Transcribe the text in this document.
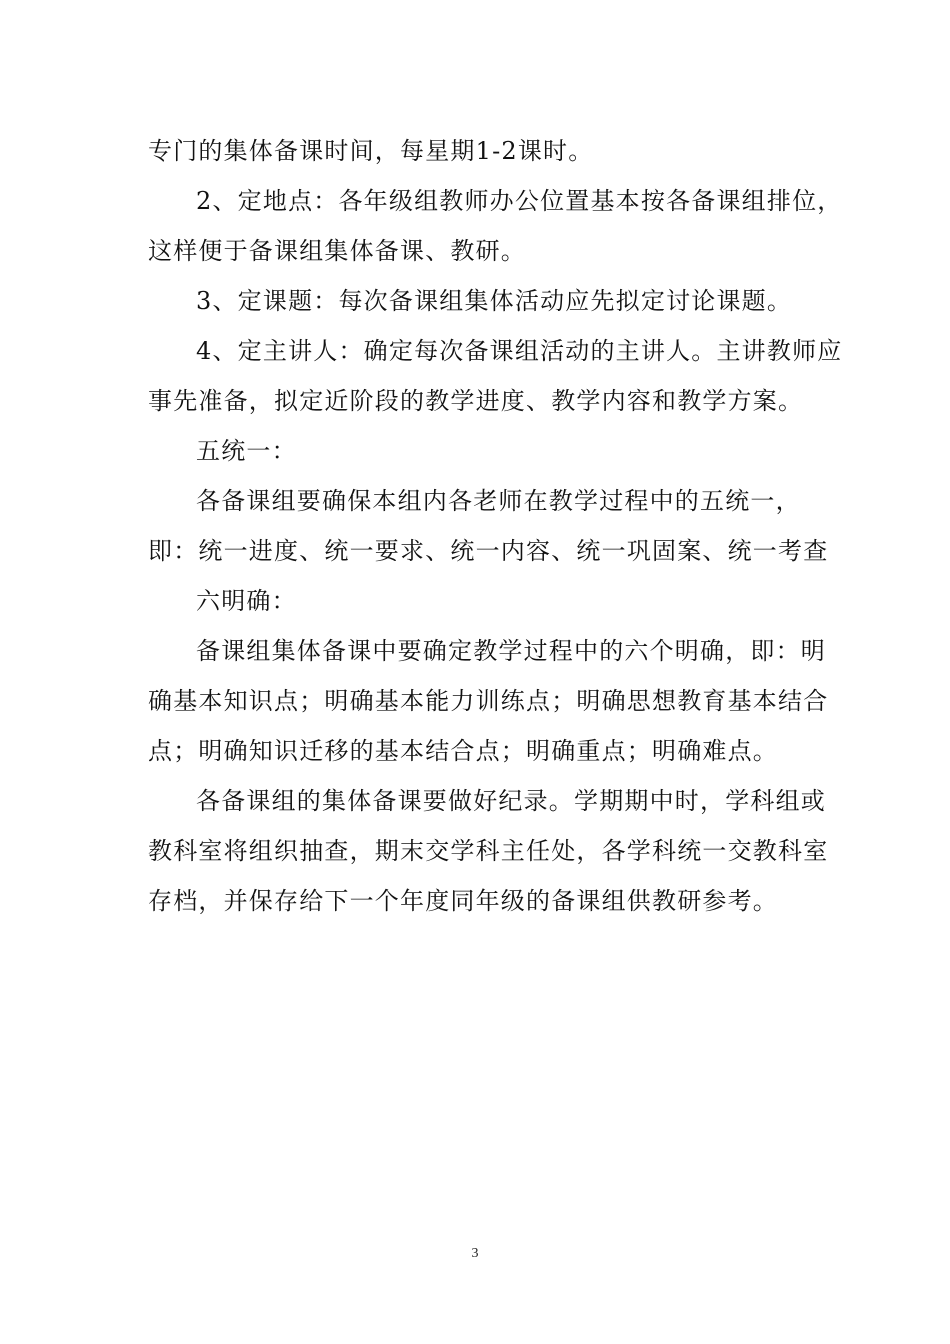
专门的集体备课时间，每星期1-2课时。
2、定地点：各年级组教师办公位置基本按各备课组排位，
这样便于备课组集体备课、教研。
3、定课题：每次备课组集体活动应先拟定讨论课题。
4、定主讲人：确定每次备课组活动的主讲人。主讲教师应
事先准备，拟定近阶段的教学进度、教学内容和教学方案。
五统一：
各备课组要确保本组内各老师在教学过程中的五统一，
即：统一进度、统一要求、统一内容、统一巩固案、统一考查
六明确：
备课组集体备课中要确定教学过程中的六个明确，即：明
确基本知识点；明确基本能力训练点；明确思想教育基本结合
点；明确知识迁移的基本结合点；明确重点；明确难点。
各备课组的集体备课要做好纪录。学期期中时，学科组或
教科室将组织抽查，期末交学科主任处，各学科统一交教科室
存档，并保存给下一个年度同年级的备课组供教研参考。
3
